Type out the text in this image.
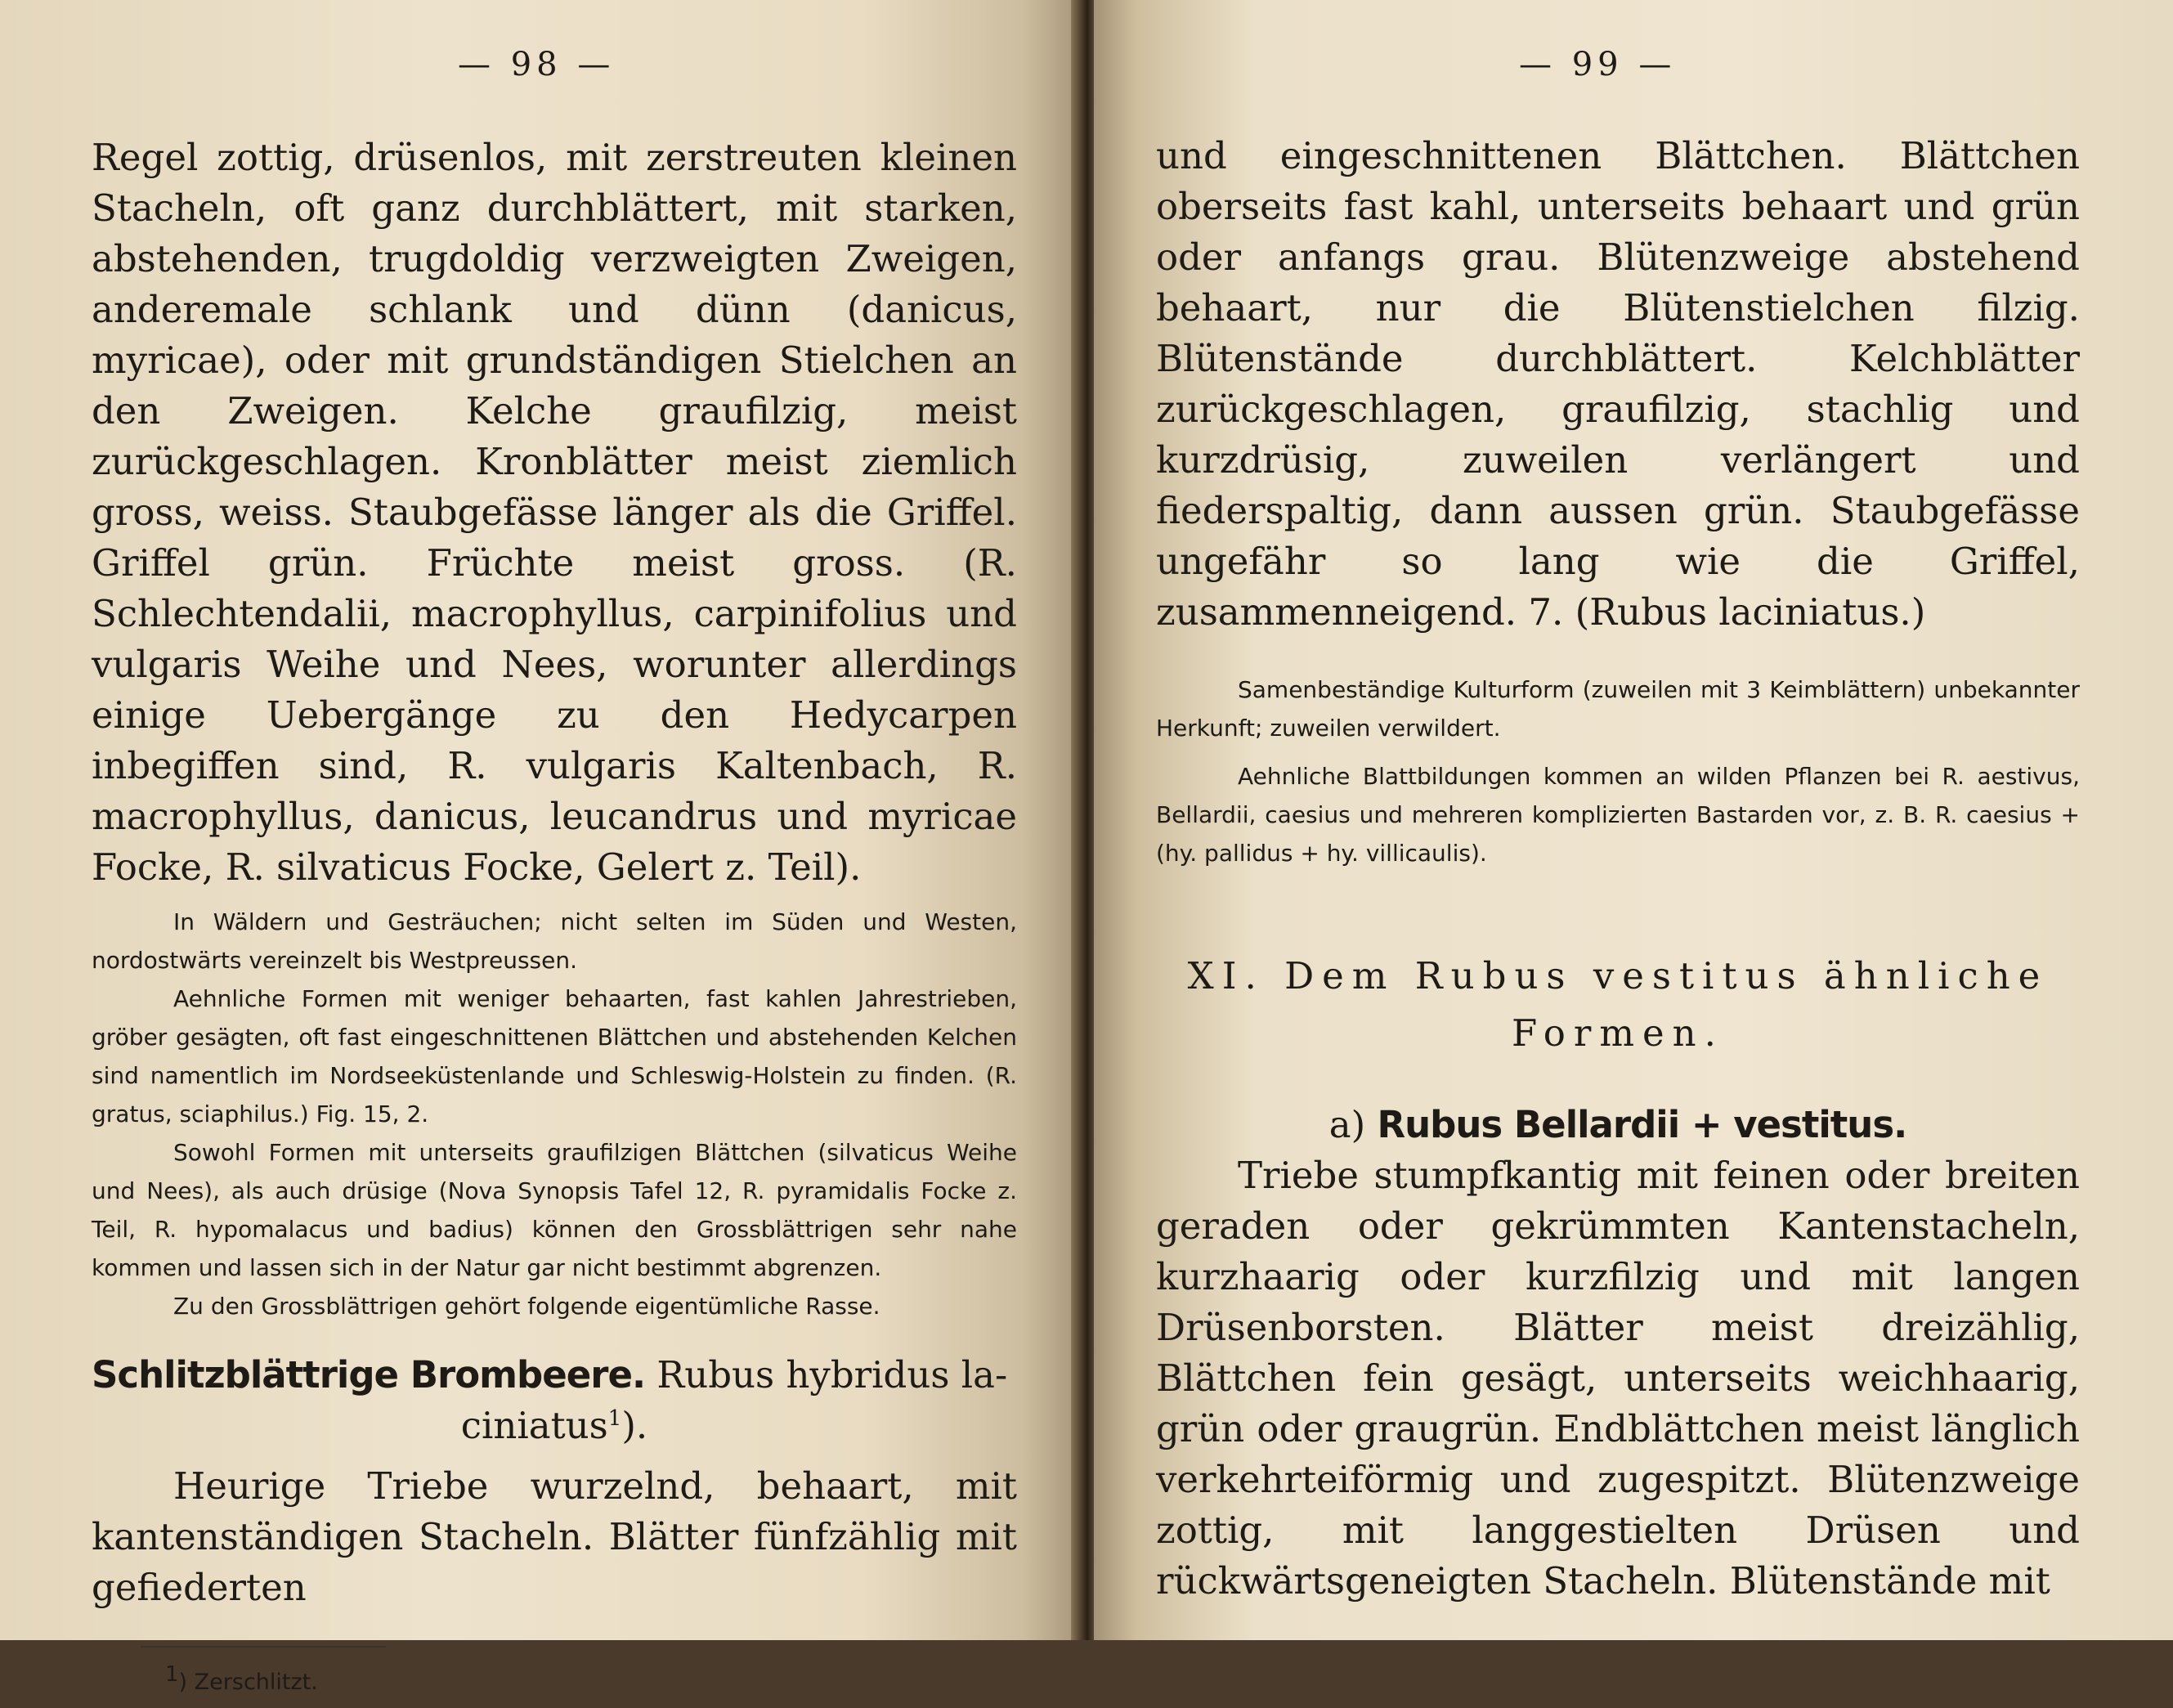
— 98 —

Regel zottig, drüsenlos, mit zerstreuten kleinen Stacheln, oft ganz durchblättert, mit starken, abstehenden, trugdoldig verzweigten Zweigen, anderemale schlank und dünn (danicus, myricae), oder mit grundständigen Stielchen an den Zweigen. Kelche graufilzig, meist zurückgeschlagen. Kronblätter meist ziemlich gross, weiss. Staubgefässe länger als die Griffel. Griffel grün. Früchte meist gross. (R. Schlechtendalii, macrophyllus, carpinifolius und vulgaris Weihe und Nees, worunter allerdings einige Uebergänge zu den Hedycarpen inbegiffen sind, R. vulgaris Kaltenbach, R. macrophyllus, danicus, leucandrus und myricae Focke, R. silvaticus Focke, Gelert z. Teil).

In Wäldern und Gesträuchen; nicht selten im Süden und Westen, nordostwärts vereinzelt bis Westpreussen.

Aehnliche Formen mit weniger behaarten, fast kahlen Jahrestrieben, gröber gesägten, oft fast eingeschnittenen Blättchen und abstehenden Kelchen sind namentlich im Nordseeküstenlande und Schleswig-Holstein zu finden. (R. gratus, sciaphilus.) Fig. 15, 2.

Sowohl Formen mit unterseits graufilzigen Blättchen (silvaticus Weihe und Nees), als auch drüsige (Nova Synopsis Tafel 12, R. pyramidalis Focke z. Teil, R. hypomalacus und badius) können den Grossblättrigen sehr nahe kommen und lassen sich in der Natur gar nicht bestimmt abgrenzen.

Zu den Grossblättrigen gehört folgende eigentümliche Rasse.

Schlitzblättrige Brombeere. Rubus hybridus la-
ciniatus$^1$).

Heurige Triebe wurzelnd, behaart, mit kantenständigen Stacheln. Blätter fünfzählig mit gefiederten

$^1$) Zerschlitzt.
— 99 —

und eingeschnittenen Blättchen. Blättchen oberseits fast kahl, unterseits behaart und grün oder anfangs grau. Blütenzweige abstehend behaart, nur die Blütenstielchen filzig. Blütenstände durchblättert. Kelchblätter zurückgeschlagen, graufilzig, stachlig und kurzdrüsig, zuweilen verlängert und fiederspaltig, dann aussen grün. Staubgefässe ungefähr so lang wie die Griffel, zusammenneigend. 7. (Rubus laciniatus.)

Samenbeständige Kulturform (zuweilen mit 3 Keimblättern) unbekannter Herkunft; zuweilen verwildert.

Aehnliche Blattbildungen kommen an wilden Pflanzen bei R. aestivus, Bellardii, caesius und mehreren komplizierten Bastarden vor, z. B. R. caesius + (hy. pallidus + hy. villicaulis).

XI. Dem Rubus vestitus ähnliche Formen.
a) Rubus Bellardii + vestitus.

Triebe stumpfkantig mit feinen oder breiten geraden oder gekrümmten Kantenstacheln, kurzhaarig oder kurzfilzig und mit langen Drüsenborsten. Blätter meist dreizählig, Blättchen fein gesägt, unterseits weichhaarig, grün oder graugrün. Endblättchen meist länglich verkehrteiförmig und zugespitzt. Blütenzweige zottig, mit langgestielten Drüsen und rückwärtsgeneigten Stacheln. Blütenstände mit
